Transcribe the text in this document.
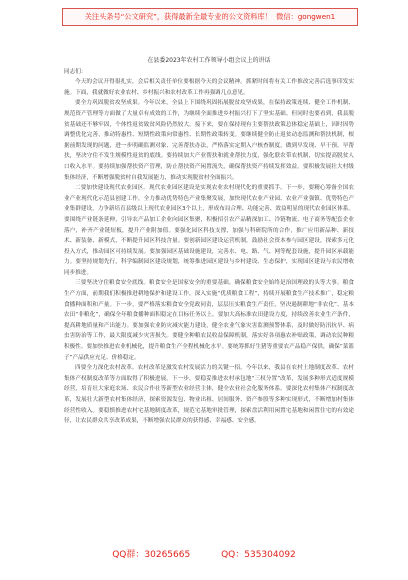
关注头条号“公文研究”，获得最新全最专业的公文资料库！ 微信：gongwen1

在县委2023年农村工作领导小组会议上的讲话

同志们：

今天的会议开得很扎实，会后相关责任单位要根据今天的会议精神，抓紧时间将有关工作推改完善后选事印发实施。下面，我就做好农业农村、乡村振兴和农村改革工作再强调几点意见。

要全力巩固脱贫攻坚成果。今年以来，全县上下围绕巩固拓展脱贫攻坚成果，在保持政策连续、健全工作机制、规范资产管理等方面做了大量卓有成效的工作，为继续全面推进乡村振兴打下了坚实基础。但同时也要看到，我县脱贫基础还不够牢固，个体性返贫致贫风险仍然较大。接下来，要在保持现有主要帮扶政策总体稳定基础上，因时因势调整优化完善，推动特惠性、短期性政策向常惠性、长期性政策转变。要继续健全防止返贫动态监测和帮扶机制，根据前期发现的问题，进一步明确监测对象、完善帮扶办法，严格落实定期入户核查制度，做到早发现、早干预、早帮扶，坚决守住不发生规模性返贫的底线。要持续加大产业帮扶和就业帮扶力度，强化联农带农机制，切实提高脱贫人口收入水平。要持续加强帮扶资产管理，防止帮扶资产闲置流失，确保帮扶资产持续发挥效益。要积极发展壮大村级集体经济，不断增强脱贫村自我发展能力，推动实现脱贫村全面振兴。

二要加快建设现代农业园区。现代农业园区建设是实现农业农村现代化的重要抓手。下一步，要精心筹备全国农业产业现代化示范县创建工作，全力推动优势特色产业集聚发展，加快现代农业产业园、农业产业强镇、优势特色产业集群建设，力争新培育县级以上现代农业园区3个以上，形成布局合理、功能完善、效益明显的现代农业园区体系。要围绕产业链条延伸，引导农产品加工企业向园区集聚，积极招引农产品精深加工、冷链物流、电子商务等配套企业落户，补齐产业链短板，提升产业附加值。要强化园区科技支撑，加强与科研院所的合作，推广应用新品种、新技术、新装备、新模式，不断提升园区科技含量。要创新园区建设运营机制，鼓励社会资本参与园区建设，探索多元化投入方式，推动园区可持续发展。要加强园区基础设施建设，完善水、电、路、气、网等配套设施，提升园区承载能力。要坚持规划先行，科学编制园区建设规划，统筹推进园区建设与乡村建设、生态保护，实现园区建设与农民增收同步推进。

三要坚决守住粮食安全底线。粮食安全是国家安全的重要基础。确保粮食安全始终是治国理政的头等大事。粮食生产方面，前期我们积极推进耕地保护和建设工作，深入实施“优质粮食工程”，持续开展粮食生产技术推广，稳定粮食播种面积和产量。下一步，要严格落实粮食安全党政同责，层层压实粮食生产责任，坚决遏制耕地“非农化”、基本农田“非粮化”，确保全年粮食播种面积稳定在目标任务以上。要加大高标准农田建设力度，持续改善农业生产条件，提高耕地质量和产出能力。要加强农业防灾减灾能力建设，健全农业气象灾害监测预警体系，及时做好防汛抗旱、病虫害防治等工作，最大限度减少灾害损失。要健全种粮农民收益保障机制，落实好各项惠农补贴政策，调动农民种粮积极性。要加快推进农业机械化，提升粮食生产全程机械化水平。要统筹抓好生猪等重要农产品稳产保供，确保“菜篮子”产品供应充足、价格稳定。

四要全力深化农村改革。农村改革是激发农村发展活力的关键一招。今年以来，我县在农村土地制度改革、农村集体产权制度改革等方面取得了积极进展。下一步，要稳妥推进农村承包地“三权分置”改革，发展多种形式适度规模经营，培育壮大家庭农场、农民合作社等新型农业经营主体，健全农业社会化服务体系。要深化农村集体产权制度改革，发展壮大新型农村集体经济，探索资源发包、物业出租、居间服务、资产参股等多种实现形式，不断增加村集体经营性收入。要稳慎推进农村宅基地制度改革，规范宅基地审批管理，探索盘活利用闲置宅基地和闲置住宅的有效途径，让农民群众共享改革成果，不断增强农民群众的获得感、幸福感、安全感。

QQ群：30265665	QQ：535304092
